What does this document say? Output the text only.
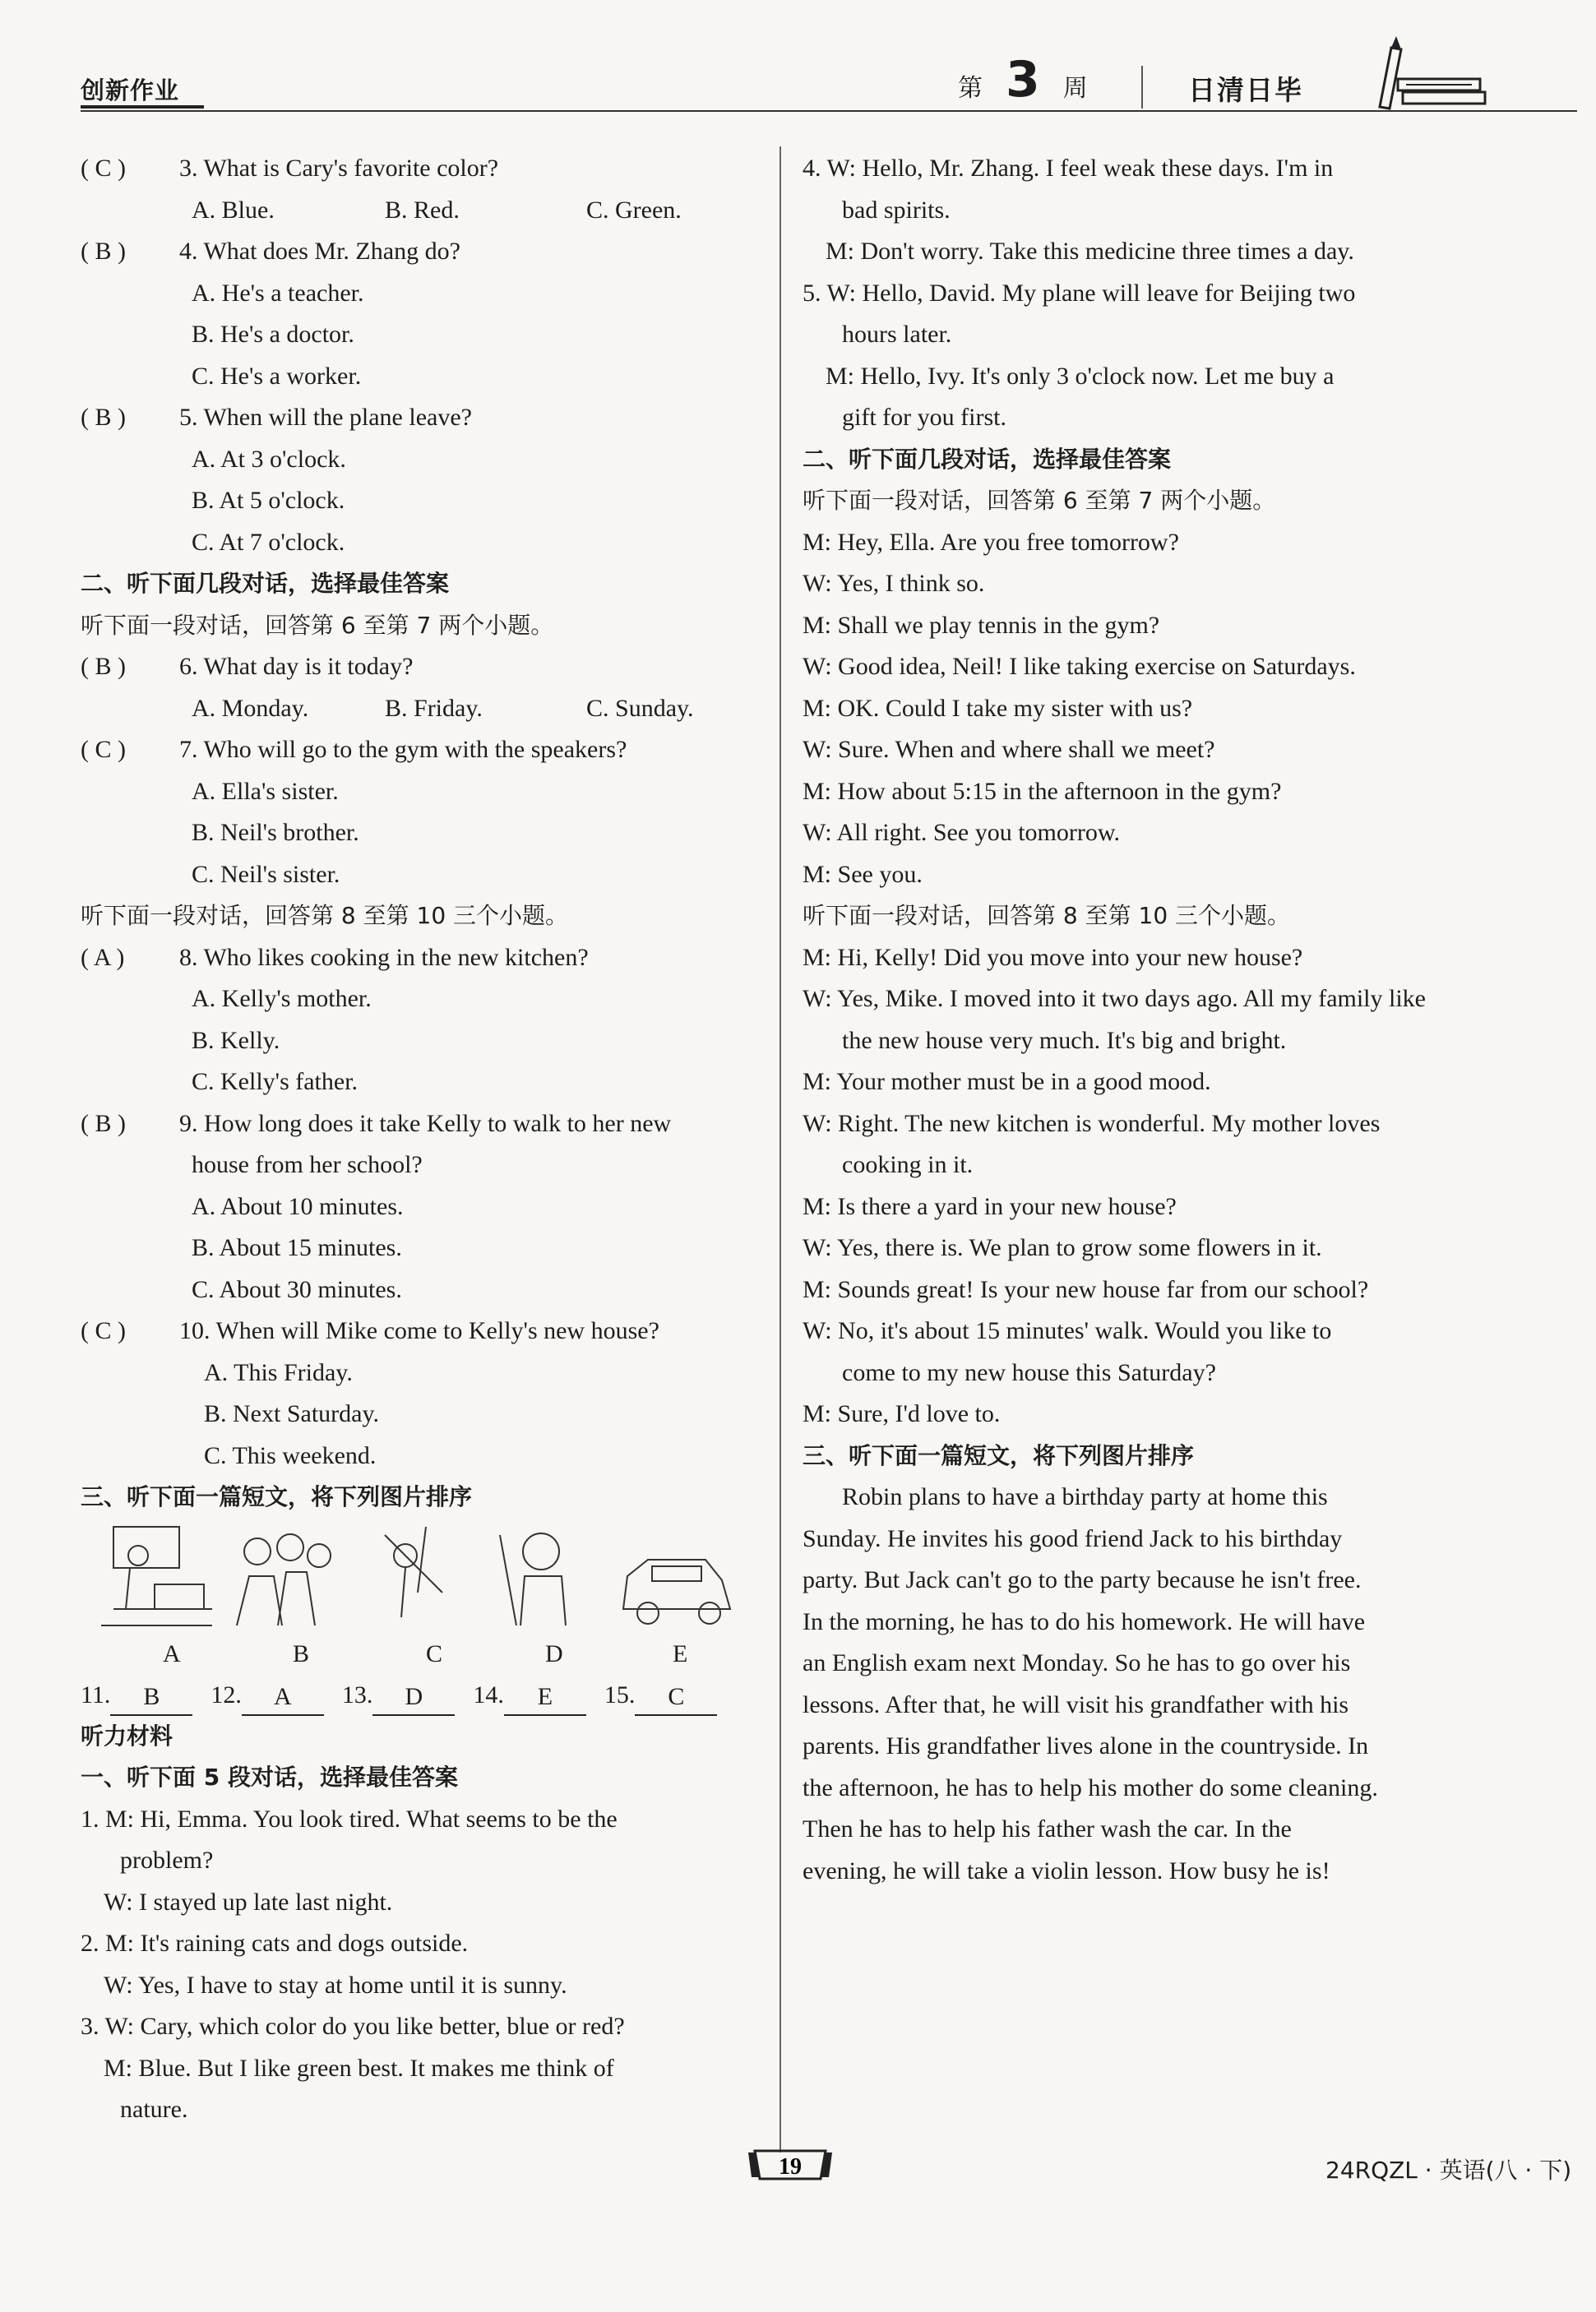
创新作业	第 3 周	日清日毕
( C ) 3. What is Cary's favorite color?
A. Blue.	B. Red.	C. Green.
( B ) 4. What does Mr. Zhang do?
A. He's a teacher.
B. He's a doctor.
C. He's a worker.
( B ) 5. When will the plane leave?
A. At 3 o'clock.
B. At 5 o'clock.
C. At 7 o'clock.
二、听下面几段对话，选择最佳答案
听下面一段对话，回答第 6 至第 7 两个小题。
( B ) 6. What day is it today?
A. Monday.	B. Friday.	C. Sunday.
( C ) 7. Who will go to the gym with the speakers?
A. Ella's sister.
B. Neil's brother.
C. Neil's sister.
听下面一段对话，回答第 8 至第 10 三个小题。
( A ) 8. Who likes cooking in the new kitchen?
A. Kelly's mother.
B. Kelly.
C. Kelly's father.
( B ) 9. How long does it take Kelly to walk to her new
house from her school?
A. About 10 minutes.
B. About 15 minutes.
C. About 30 minutes.
( C ) 10. When will Mike come to Kelly's new house?
A. This Friday.
B. Next Saturday.
C. This weekend.
三、听下面一篇短文，将下列图片排序
A	B	C	D	E
11.	B	12.	A	13.	D	14.	E	15.	C
听力材料
一、听下面 5 段对话，选择最佳答案
1. M: Hi, Emma. You look tired. What seems to be the
problem?
W: I stayed up late last night.
2. M: It's raining cats and dogs outside.
W: Yes, I have to stay at home until it is sunny.
3. W: Cary, which color do you like better, blue or red?
M: Blue. But I like green best. It makes me think of
nature.
4. W: Hello, Mr. Zhang. I feel weak these days. I'm in
bad spirits.
M: Don't worry. Take this medicine three times a day.
5. W: Hello, David. My plane will leave for Beijing two
hours later.
M: Hello, Ivy. It's only 3 o'clock now. Let me buy a
gift for you first.
二、听下面几段对话，选择最佳答案
听下面一段对话，回答第 6 至第 7 两个小题。
M: Hey, Ella. Are you free tomorrow?
W: Yes, I think so.
M: Shall we play tennis in the gym?
W: Good idea, Neil! I like taking exercise on Saturdays.
M: OK. Could I take my sister with us?
W: Sure. When and where shall we meet?
M: How about 5:15 in the afternoon in the gym?
W: All right. See you tomorrow.
M: See you.
听下面一段对话，回答第 8 至第 10 三个小题。
M: Hi, Kelly! Did you move into your new house?
W: Yes, Mike. I moved into it two days ago. All my family like
the new house very much. It's big and bright.
M: Your mother must be in a good mood.
W: Right. The new kitchen is wonderful. My mother loves
cooking in it.
M: Is there a yard in your new house?
W: Yes, there is. We plan to grow some flowers in it.
M: Sounds great! Is your new house far from our school?
W: No, it's about 15 minutes' walk. Would you like to
come to my new house this Saturday?
M: Sure, I'd love to.
三、听下面一篇短文，将下列图片排序
Robin plans to have a birthday party at home this
Sunday. He invites his good friend Jack to his birthday
party. But Jack can't go to the party because he isn't free.
In the morning, he has to do his homework. He will have
an English exam next Monday. So he has to go over his
lessons. After that, he will visit his grandfather with his
parents. His grandfather lives alone in the countryside. In
the afternoon, he has to help his mother do some cleaning.
Then he has to help his father wash the car. In the
evening, he will take a violin lesson. How busy he is!
19	24RQZL · 英语(八 · 下)
